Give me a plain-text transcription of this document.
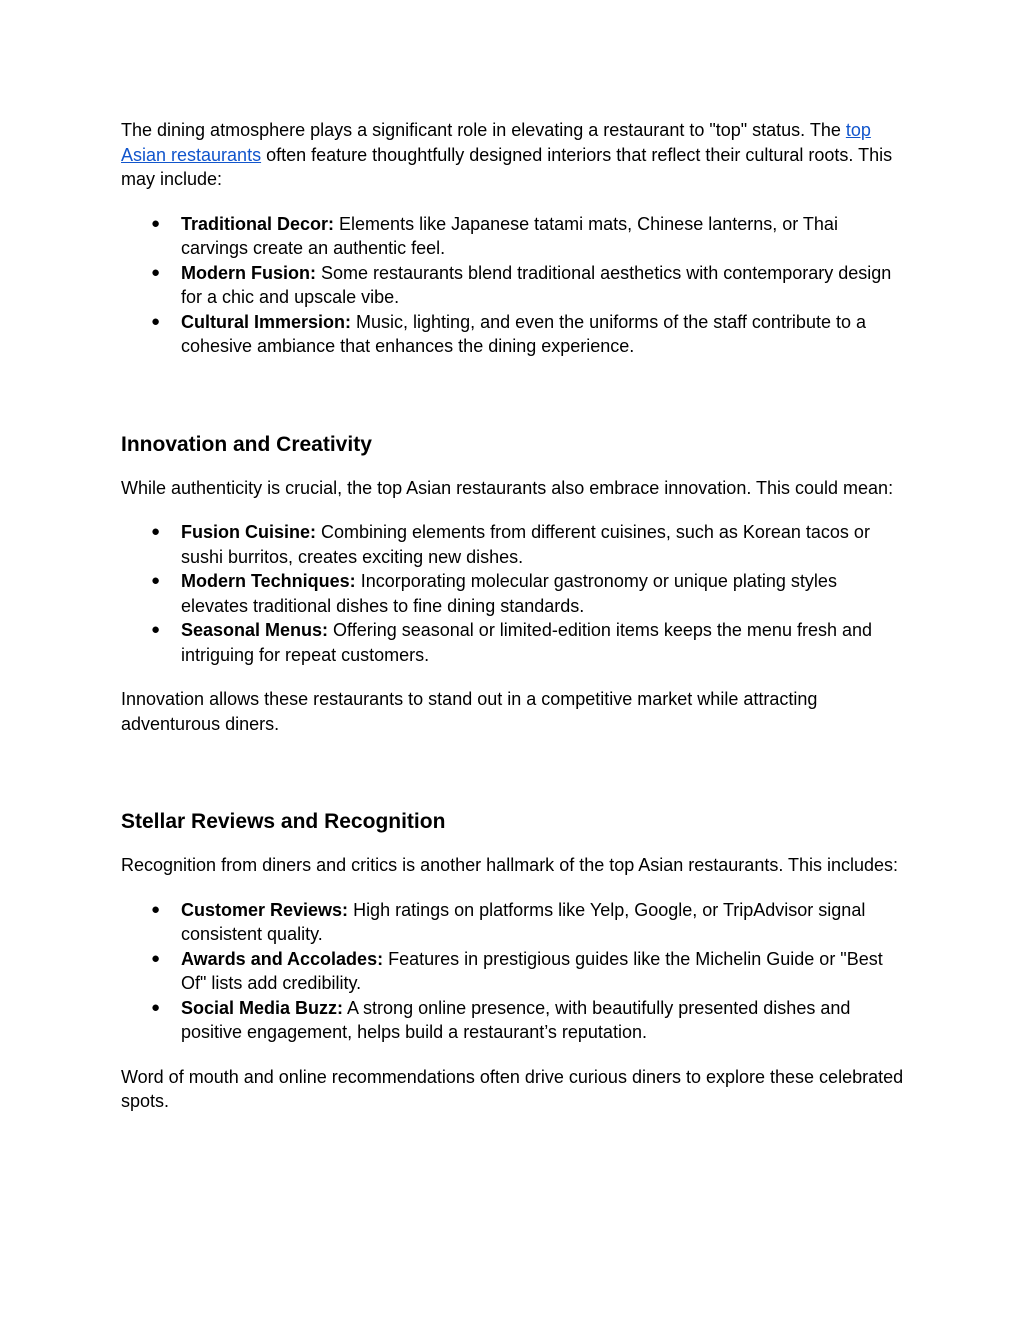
The dining atmosphere plays a significant role in elevating a restaurant to "top" status. The top Asian restaurants often feature thoughtfully designed interiors that reflect their cultural roots. This may include:

● Traditional Decor: Elements like Japanese tatami mats, Chinese lanterns, or Thai carvings create an authentic feel.
● Modern Fusion: Some restaurants blend traditional aesthetics with contemporary design for a chic and upscale vibe.
● Cultural Immersion: Music, lighting, and even the uniforms of the staff contribute to a cohesive ambiance that enhances the dining experience.
Innovation and Creativity

While authenticity is crucial, the top Asian restaurants also embrace innovation. This could mean:

● Fusion Cuisine: Combining elements from different cuisines, such as Korean tacos or sushi burritos, creates exciting new dishes.
● Modern Techniques: Incorporating molecular gastronomy or unique plating styles elevates traditional dishes to fine dining standards.
● Seasonal Menus: Offering seasonal or limited-edition items keeps the menu fresh and intriguing for repeat customers.

Innovation allows these restaurants to stand out in a competitive market while attracting adventurous diners.

Stellar Reviews and Recognition

Recognition from diners and critics is another hallmark of the top Asian restaurants. This includes:

● Customer Reviews: High ratings on platforms like Yelp, Google, or TripAdvisor signal consistent quality.
● Awards and Accolades: Features in prestigious guides like the Michelin Guide or "Best Of" lists add credibility.
● Social Media Buzz: A strong online presence, with beautifully presented dishes and positive engagement, helps build a restaurant’s reputation.

Word of mouth and online recommendations often drive curious diners to explore these celebrated spots.
